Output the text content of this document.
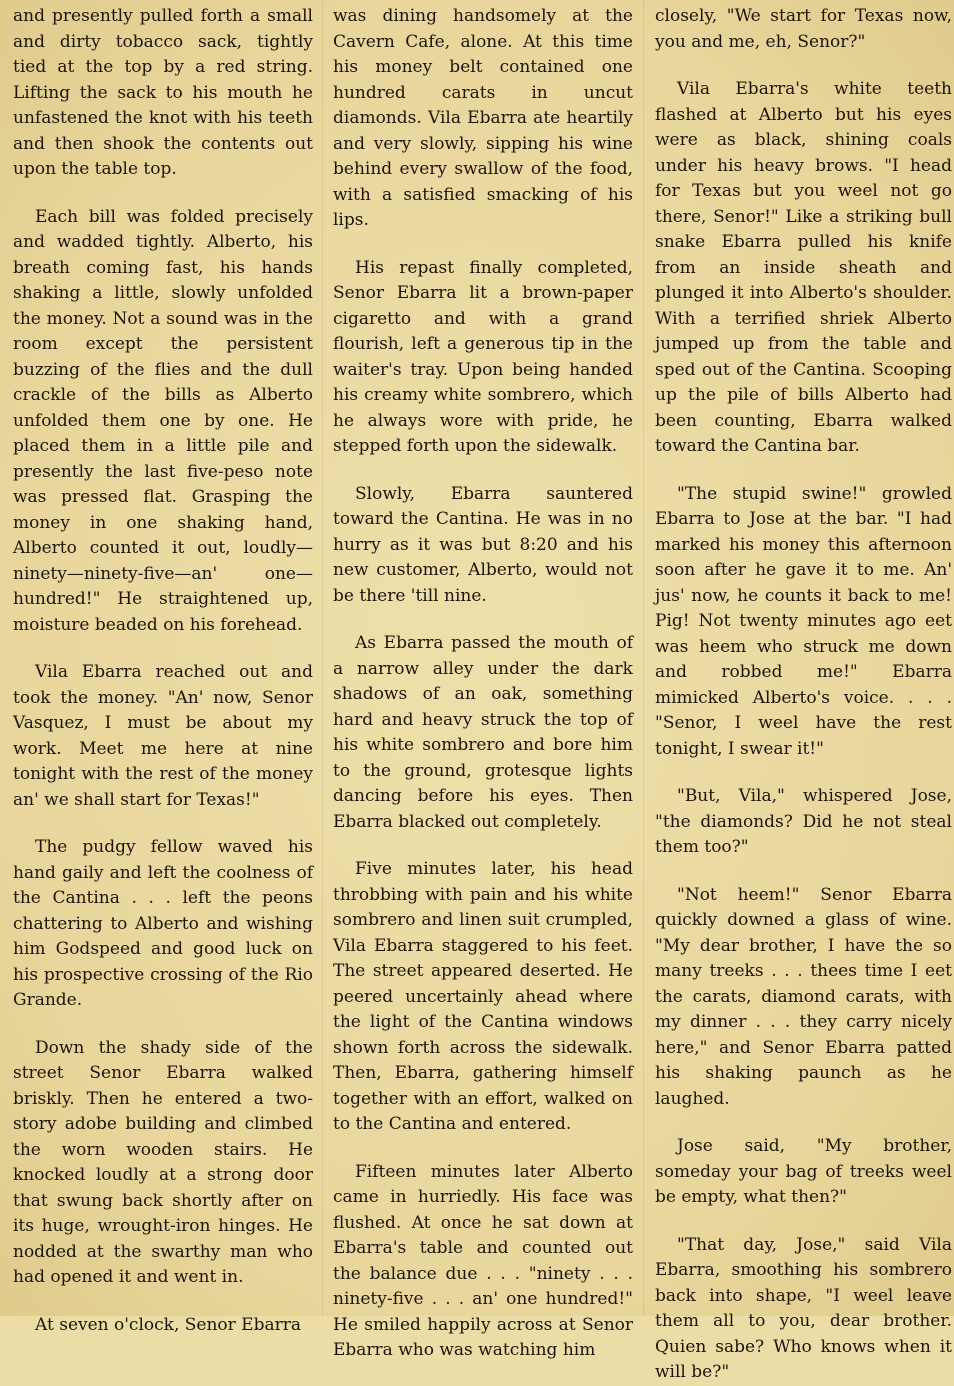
and presently pulled forth a small and dirty tobacco sack, tightly tied at the top by a red string. Lifting the sack to his mouth he unfastened the knot with his teeth and then shook the contents out upon the table top.

Each bill was folded precisely and wadded tightly. Alberto, his breath coming fast, his hands shaking a little, slowly unfolded the money. Not a sound was in the room except the persistent buzzing of the flies and the dull crackle of the bills as Alberto unfolded them one by one. He placed them in a little pile and presently the last five-peso note was pressed flat. Grasping the money in one shaking hand, Alberto counted it out, loudly—ninety—ninety-five—an' one—hundred!" He straightened up, moisture beaded on his forehead.

Vila Ebarra reached out and took the money. "An' now, Senor Vasquez, I must be about my work. Meet me here at nine tonight with the rest of the money an' we shall start for Texas!"

The pudgy fellow waved his hand gaily and left the coolness of the Cantina . . . left the peons chattering to Alberto and wishing him Godspeed and good luck on his prospective crossing of the Rio Grande.

Down the shady side of the street Senor Ebarra walked briskly. Then he entered a two-story adobe building and climbed the worn wooden stairs. He knocked loudly at a strong door that swung back shortly after on its huge, wrought-iron hinges. He nodded at the swarthy man who had opened it and went in.

At seven o'clock, Senor Ebarra

was dining handsomely at the Cavern Cafe, alone. At this time his money belt contained one hundred carats in uncut diamonds. Vila Ebarra ate heartily and very slowly, sipping his wine behind every swallow of the food, with a satisfied smacking of his lips.

His repast finally completed, Senor Ebarra lit a brown-paper cigaretto and with a grand flourish, left a generous tip in the waiter's tray. Upon being handed his creamy white sombrero, which he always wore with pride, he stepped forth upon the sidewalk.

Slowly, Ebarra sauntered toward the Cantina. He was in no hurry as it was but 8:20 and his new customer, Alberto, would not be there 'till nine.

As Ebarra passed the mouth of a narrow alley under the dark shadows of an oak, something hard and heavy struck the top of his white sombrero and bore him to the ground, grotesque lights dancing before his eyes. Then Ebarra blacked out completely.

Five minutes later, his head throbbing with pain and his white sombrero and linen suit crumpled, Vila Ebarra staggered to his feet. The street appeared deserted. He peered uncertainly ahead where the light of the Cantina windows shown forth across the sidewalk. Then, Ebarra, gathering himself together with an effort, walked on to the Cantina and entered.

Fifteen minutes later Alberto came in hurriedly. His face was flushed. At once he sat down at Ebarra's table and counted out the balance due . . . "ninety . . . ninety-five . . . an' one hundred!" He smiled happily across at Senor Ebarra who was watching him

closely, "We start for Texas now, you and me, eh, Senor?"

Vila Ebarra's white teeth flashed at Alberto but his eyes were as black, shining coals under his heavy brows. "I head for Texas but you weel not go there, Senor!" Like a striking bull snake Ebarra pulled his knife from an inside sheath and plunged it into Alberto's shoulder. With a terrified shriek Alberto jumped up from the table and sped out of the Cantina. Scooping up the pile of bills Alberto had been counting, Ebarra walked toward the Cantina bar.

"The stupid swine!" growled Ebarra to Jose at the bar. "I had marked his money this afternoon soon after he gave it to me. An' jus' now, he counts it back to me! Pig! Not twenty minutes ago eet was heem who struck me down and robbed me!" Ebarra mimicked Alberto's voice. . . . "Senor, I weel have the rest tonight, I swear it!"

"But, Vila," whispered Jose, "the diamonds? Did he not steal them too?"

"Not heem!" Senor Ebarra quickly downed a glass of wine. "My dear brother, I have the so many treeks . . . thees time I eet the carats, diamond carats, with my dinner . . . they carry nicely here," and Senor Ebarra patted his shaking paunch as he laughed.

Jose said, "My brother, someday your bag of treeks weel be empty, what then?"

"That day, Jose," said Vila Ebarra, smoothing his sombrero back into shape, "I weel leave them all to you, dear brother. Quien sabe? Who knows when it will be?"
